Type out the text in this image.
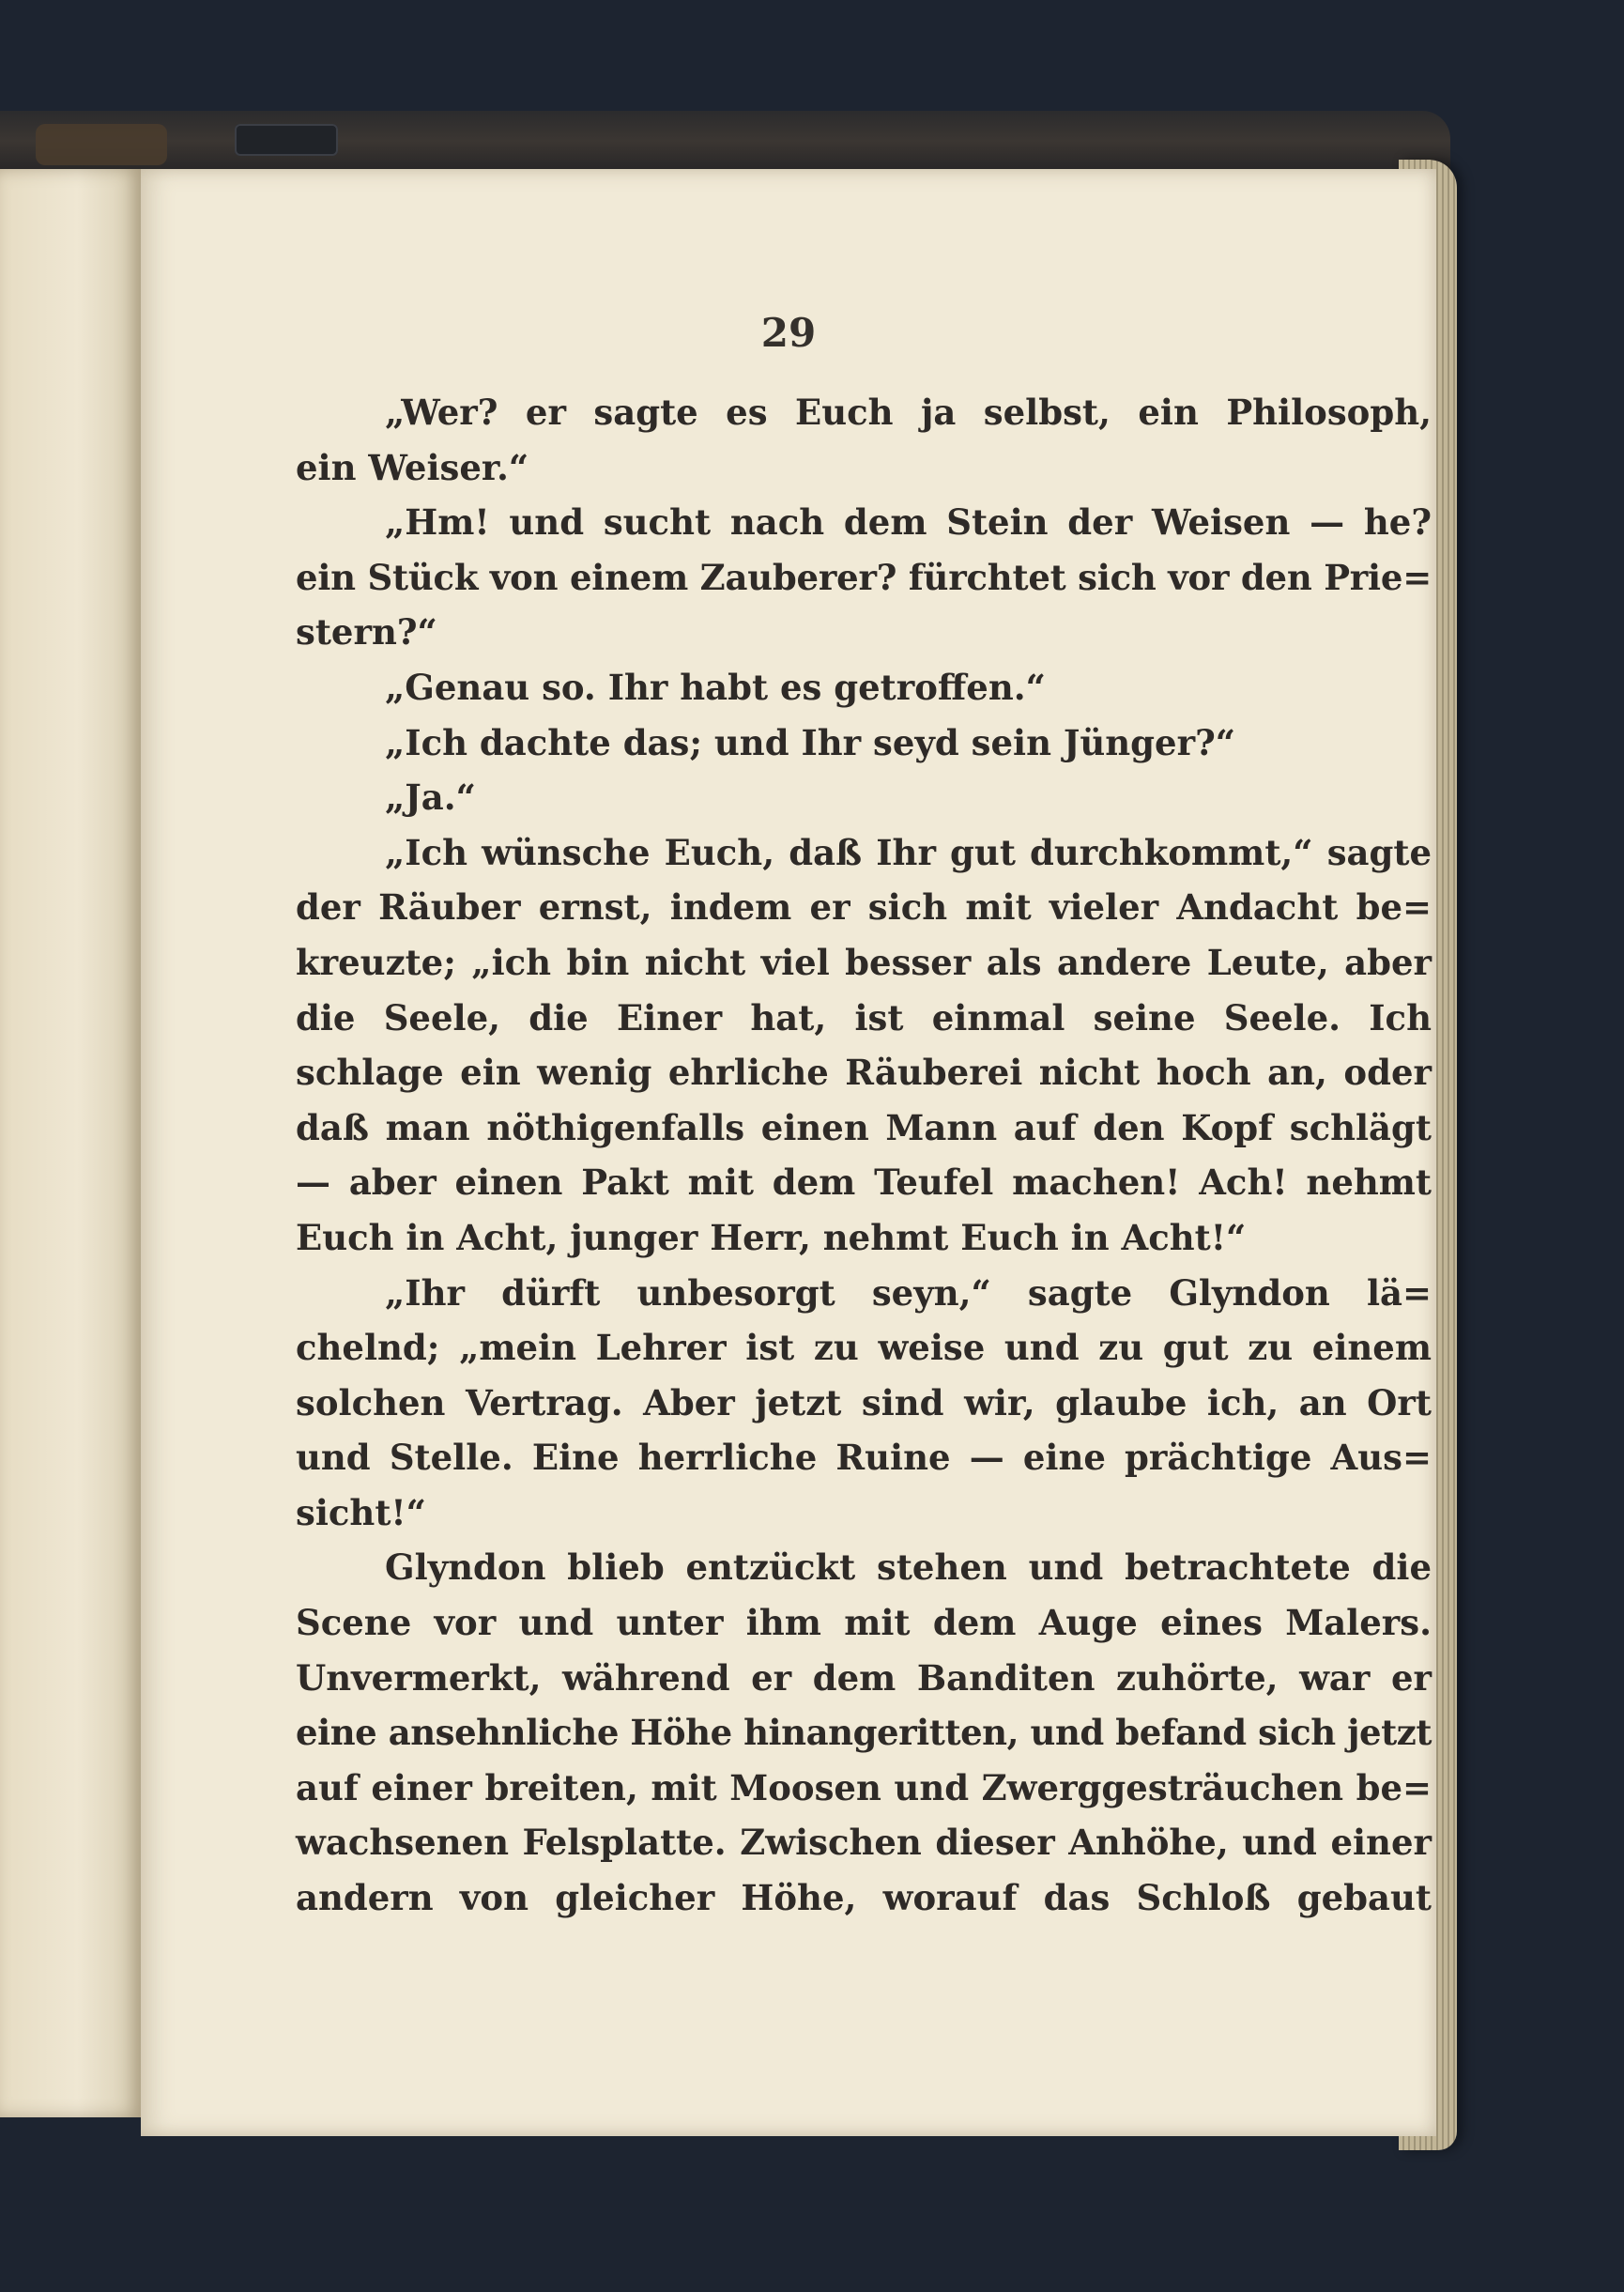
29
„Wer? er sagte es Euch ja selbst, ein Philosoph,
ein Weiser.“
„Hm! und sucht nach dem Stein der Weisen — he?
ein Stück von einem Zauberer? fürchtet sich vor den Prie=
stern?“
„Genau so. Ihr habt es getroffen.“
„Ich dachte das; und Ihr seyd sein Jünger?“
„Ja.“
„Ich wünsche Euch, daß Ihr gut durchkommt,“ sagte
der Räuber ernst, indem er sich mit vieler Andacht be=
kreuzte; „ich bin nicht viel besser als andere Leute, aber
die Seele, die Einer hat, ist einmal seine Seele. Ich
schlage ein wenig ehrliche Räuberei nicht hoch an, oder
daß man nöthigenfalls einen Mann auf den Kopf schlägt
— aber einen Pakt mit dem Teufel machen! Ach! nehmt
Euch in Acht, junger Herr, nehmt Euch in Acht!“
„Ihr dürft unbesorgt seyn,“ sagte Glyndon lä=
chelnd; „mein Lehrer ist zu weise und zu gut zu einem
solchen Vertrag. Aber jetzt sind wir, glaube ich, an Ort
und Stelle. Eine herrliche Ruine — eine prächtige Aus=
sicht!“
Glyndon blieb entzückt stehen und betrachtete die
Scene vor und unter ihm mit dem Auge eines Malers.
Unvermerkt, während er dem Banditen zuhörte, war er
eine ansehnliche Höhe hinangeritten, und befand sich jetzt
auf einer breiten, mit Moosen und Zwerggesträuchen be=
wachsenen Felsplatte. Zwischen dieser Anhöhe, und einer
andern von gleicher Höhe, worauf das Schloß gebaut
